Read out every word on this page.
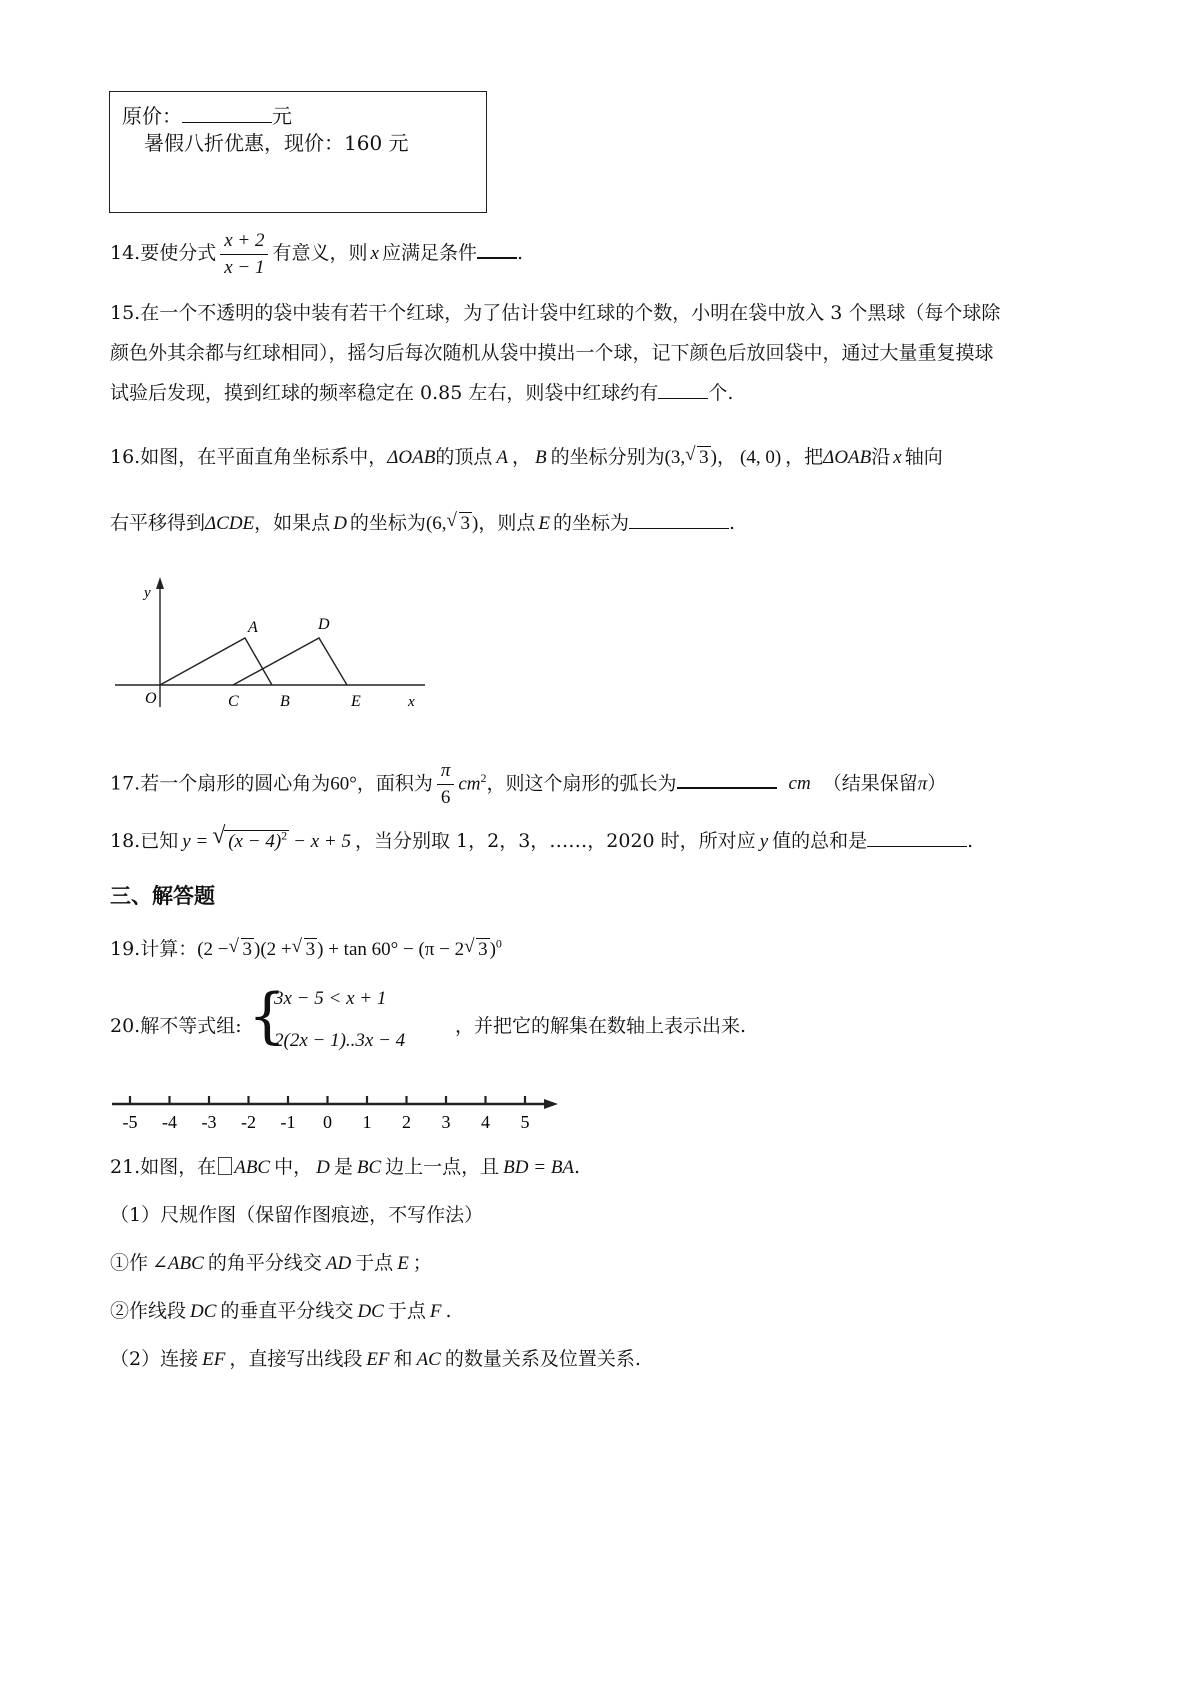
原价：	元
暑假八折优惠，现价：160 元
14.要使分式 $\frac{x + 2}{x - 1}$ 有意义，则 x 应满足条件 .
15.在一个不透明的袋中装有若干个红球，为了估计袋中红球的个数，小明在袋中放入 3 个黑球（每个球除
颜色外其余都与红球相同），摇匀后每次随机从袋中摸出一个球，记下颜色后放回袋中，通过大量重复摸球
试验后发现，摸到红球的频率稳定在 0.85 左右，则袋中红球约有	个.
16.如图，在平面直角坐标系中，ΔOAB的顶点 A ， B 的坐标分别为(3, √ 3 )， (4, 0) ，把ΔOAB沿 x 轴向
右平移得到ΔCDE，如果点 D 的坐标为(6, √ 3 )，则点 E 的坐标为	.
y
x
O
A
C	B
D
E
17.若一个扇形的圆心角为60°，面积为 $\frac{\pi}{6} cm^2$，则这个扇形的弧长为	cm （结果保留π）
18.已知 y = √ $(x - 4)^2 - x + 5$ ，当分别取 1，2，3，……，2020 时，所对应 y 值的总和是	.
三、解答题
19.计算：(2 − √ 3 )(2 + √ 3 ) + tan 60° − (π − 2 √ 3 )$^0$
20.解不等式组: {
3x − 5 < x + 1
2(2x − 1)..3x − 4
，并把它的解集在数轴上表示出来.
-5 -4 -3 -2 -1 0 1 2 3 4 5
21.如图，在 ABC 中， D 是 BC 边上一点，且 BD = BA.
（1）尺规作图（保留作图痕迹，不写作法）
①作 ∠ABC 的角平分线交 AD 于点 E ；
②作线段 DC 的垂直平分线交 DC 于点 F .
（2）连接 EF ，直接写出线段 EF 和 AC 的数量关系及位置关系.
